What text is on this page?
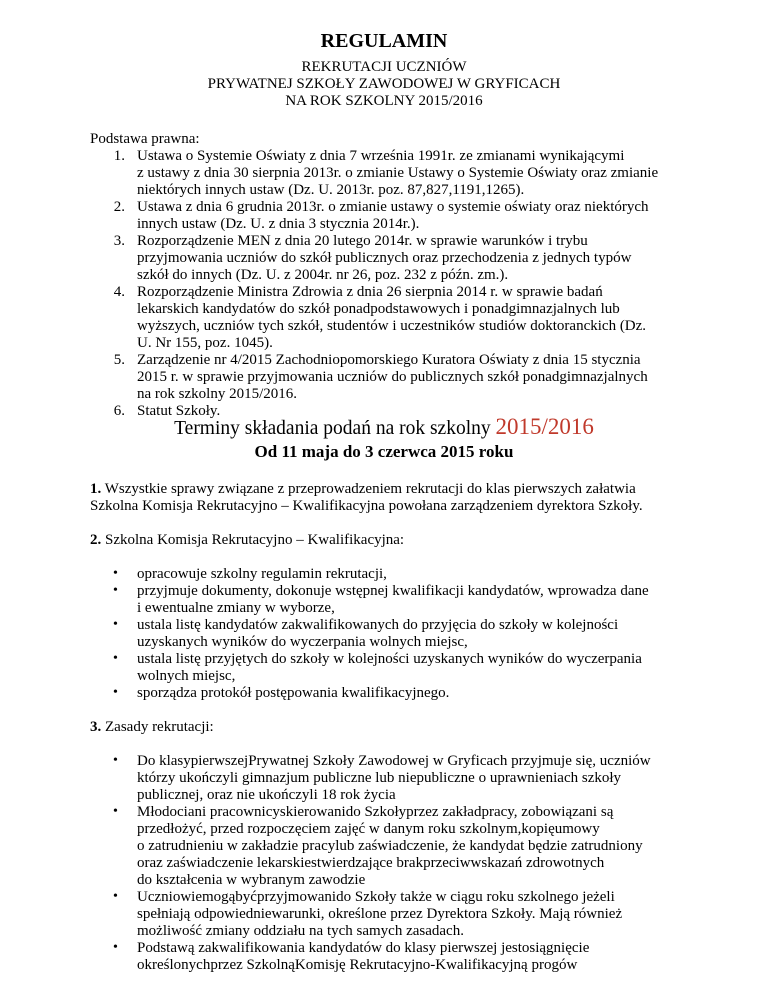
REGULAMIN
REKRUTACJI UCZNIÓW
PRYWATNEJ SZKOŁY ZAWODOWEJ W GRYFICACH
NA ROK SZKOLNY 2015/2016
Podstawa prawna:
1. Ustawa o Systemie Oświaty z dnia 7 września 1991r. ze zmianami wynikającymi
z ustawy z dnia 30 sierpnia 2013r. o zmianie Ustawy o Systemie Oświaty oraz zmianie
niektórych innych ustaw (Dz. U. 2013r. poz. 87,827,1191,1265).
2. Ustawa z dnia 6 grudnia 2013r. o zmianie ustawy o systemie oświaty oraz niektórych
innych ustaw (Dz. U. z dnia 3 stycznia 2014r.).
3. Rozporządzenie MEN z dnia 20 lutego 2014r. w sprawie warunków i trybu
przyjmowania uczniów do szkół publicznych oraz przechodzenia z jednych typów
szkół do innych (Dz. U. z 2004r. nr 26, poz. 232 z późn. zm.).
4. Rozporządzenie Ministra Zdrowia z dnia 26 sierpnia 2014 r. w sprawie badań
lekarskich kandydatów do szkół ponadpodstawowych i ponadgimnazjalnych lub
wyższych, uczniów tych szkół, studentów i uczestników studiów doktoranckich (Dz.
U. Nr 155, poz. 1045).
5. Zarządzenie nr 4/2015 Zachodniopomorskiego Kuratora Oświaty z dnia 15 stycznia
2015 r. w sprawie przyjmowania uczniów do publicznych szkół ponadgimnazjalnych
na rok szkolny 2015/2016.
6. Statut Szkoły.
Terminy składania podań na rok szkolny 2015/2016
Od 11 maja do 3 czerwca 2015 roku
1. Wszystkie sprawy związane z przeprowadzeniem rekrutacji do klas pierwszych załatwia
Szkolna Komisja Rekrutacyjno – Kwalifikacyjna powołana zarządzeniem dyrektora Szkoły.
2. Szkolna Komisja Rekrutacyjno – Kwalifikacyjna:
• opracowuje szkolny regulamin rekrutacji,
• przyjmuje dokumenty, dokonuje wstępnej kwalifikacji kandydatów, wprowadza dane
i ewentualne zmiany w wyborze,
• ustala listę kandydatów zakwalifikowanych do przyjęcia do szkoły w kolejności
uzyskanych wyników do wyczerpania wolnych miejsc,
• ustala listę przyjętych do szkoły w kolejności uzyskanych wyników do wyczerpania
wolnych miejsc,
• sporządza protokół postępowania kwalifikacyjnego.
3. Zasady rekrutacji:
• Do klasypierwszejPrywatnej Szkoły Zawodowej w Gryficach przyjmuje się, uczniów
którzy ukończyli gimnazjum publiczne lub niepubliczne o uprawnieniach szkoły
publicznej, oraz nie ukończyli 18 rok życia
• Młodociani pracownicyskierowanido Szkołyprzez zakładpracy, zobowiązani są
przedłożyć, przed rozpoczęciem zajęć w danym roku szkolnym,kopięumowy
o zatrudnieniu w zakładzie pracylub zaświadczenie, że kandydat będzie zatrudniony
oraz zaświadczenie lekarskiestwierdzające brakprzeciwwskazań zdrowotnych
do kształcenia w wybranym zawodzie
• Uczniowiemogąbyćprzyjmowanido Szkoły także w ciągu roku szkolnego jeżeli
spełniają odpowiedniewarunki, określone przez Dyrektora Szkoły. Mają również
możliwość zmiany oddziału na tych samych zasadach.
• Podstawą zakwalifikowania kandydatów do klasy pierwszej jestosiągnięcie
określonychprzez SzkolnąKomisję Rekrutacyjno-Kwalifikacyjną progów
